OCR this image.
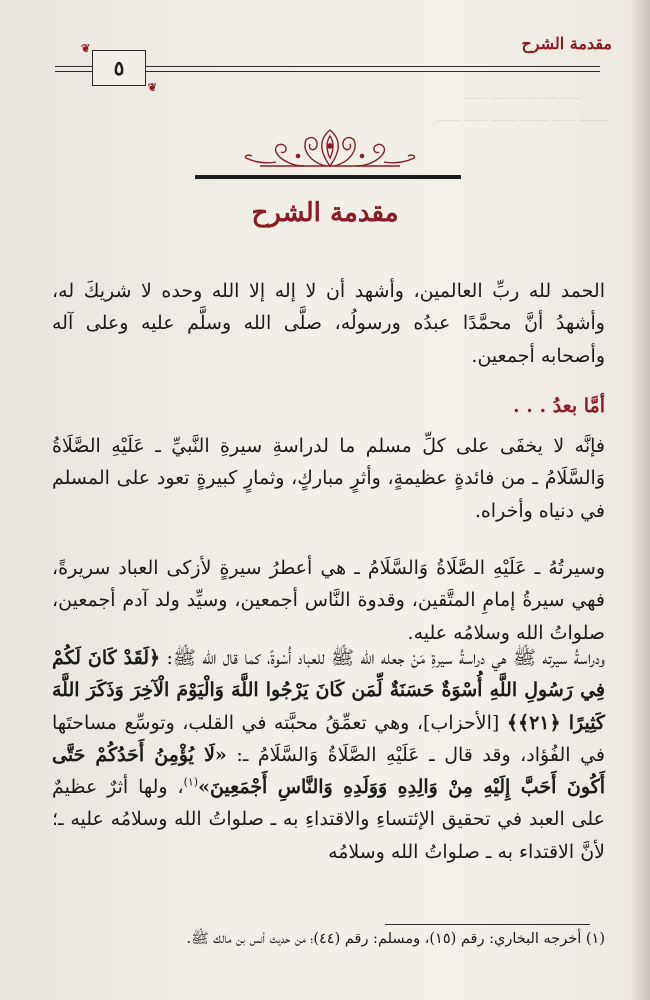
ـــــ ـــ ـــــــ ـــــ ــــــ
ــــــــ ــــــ ـــــــ ـــــــ ــــــ ــــــ
مقدمة الشرح
❦
❦
٥
مقدمة الشرح

الحمد لله ربِّ العالمين، وأشهد أن لا إله إلا الله وحده لا شريكَ له، وأشهدُ أنَّ محمَّدًا عبدُه ورسولُه، صلَّى الله وسلَّم عليه وعلى آله وأصحابه أجمعين.

أمَّا بعدُ . . .

فإنَّه لا يخفَى على كلِّ مسلم ما لدراسةِ سيرةِ النَّبيِّ ـ عَلَيْهِ الصَّلَاةُ وَالسَّلَامُ ـ من فائدةٍ عظيمةٍ، وأثرٍ مباركٍ، وثمارٍ كبيرةٍ تعود على المسلم في دنياه وأخراه.

وسيرتُهُ ـ عَلَيْهِ الصَّلَاةُ وَالسَّلَامُ ـ هي أعطرُ سيرةٍ لأزكى العباد سريرةً، فهي سيرةُ إمامِ المتَّقين، وقدوة النَّاس أجمعين، وسيِّد ولد آدم أجمعين، صلواتُ الله وسلامُه عليه.

ودراسةُ سيرته ﷺ هي دراسةُ سيرةِ مَنْ جعله الله ﷺ للعباد أُسْوةً، كما قال الله ﷺ: ﴿لَقَدْ كَانَ لَكُمْ فِي رَسُولِ اللَّهِ أُسْوَةٌ حَسَنَةٌ لِّمَن كَانَ يَرْجُوا اللَّهَ وَالْيَوْمَ الْآخِرَ وَذَكَرَ اللَّهَ كَثِيرًا ﴿٢١﴾﴾ [الأحزاب]، وهي تعمِّقُ محبَّته في القلب، وتوسِّع مساحتَها في الفُؤاد، وقد قال ـ عَلَيْهِ الصَّلَاةُ وَالسَّلَامُ ـ: «لَا يُؤْمِنُ أَحَدُكُمْ حَتَّى أَكُونَ أَحَبَّ إِلَيْهِ مِنْ وَالِدِهِ وَوَلَدِهِ وَالنَّاسِ أَجْمَعِينَ»$^{(١)}$، ولها أثرٌ عظيمٌ على العبد في تحقيق الإئتساءِ والاقتداءِ به ـ صلواتُ الله وسلامُه عليه ـ؛ لأنَّ الاقتداء به ـ صلواتُ الله وسلامُه

(١) أخرجه البخاري: رقم (١٥)، ومسلم: رقم (٤٤)؛ من حديث أنس بن مالك ﷺ.
